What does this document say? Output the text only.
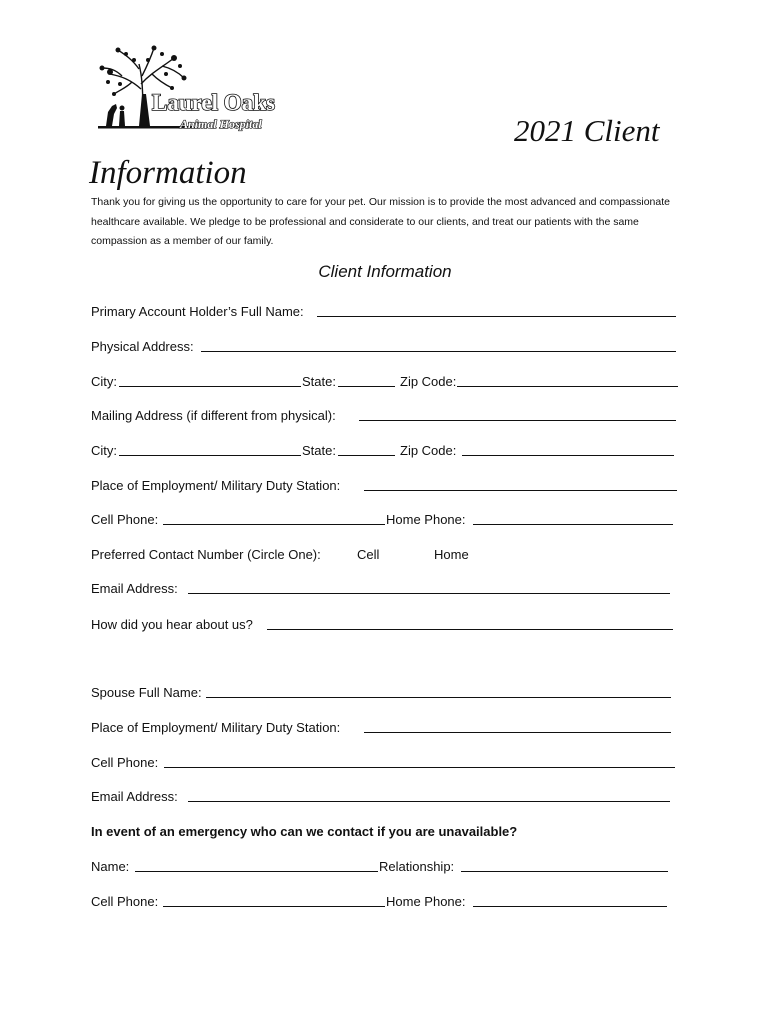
Laurel Oaks
Animal Hospital	2021 Client
Information
Thank you for giving us the opportunity to care for your pet. Our mission is to provide the most advanced and compassionate healthcare available. We pledge to be professional and considerate to our clients, and treat our patients with the same compassion as a member of our family.
Client Information
Primary Account Holder’s Full Name:
Physical Address:
City:	State:	Zip Code:
Mailing Address (if different from physical):
City:	State:	Zip Code:
Place of Employment/ Military Duty Station:
Cell Phone:	Home Phone:
Preferred Contact Number (Circle One):	Cell	Home
Email Address:
How did you hear about us?
Spouse Full Name:
Place of Employment/ Military Duty Station:
Cell Phone:
Email Address:
In event of an emergency who can we contact if you are unavailable?
Name:	Relationship:
Cell Phone:	Home Phone:
